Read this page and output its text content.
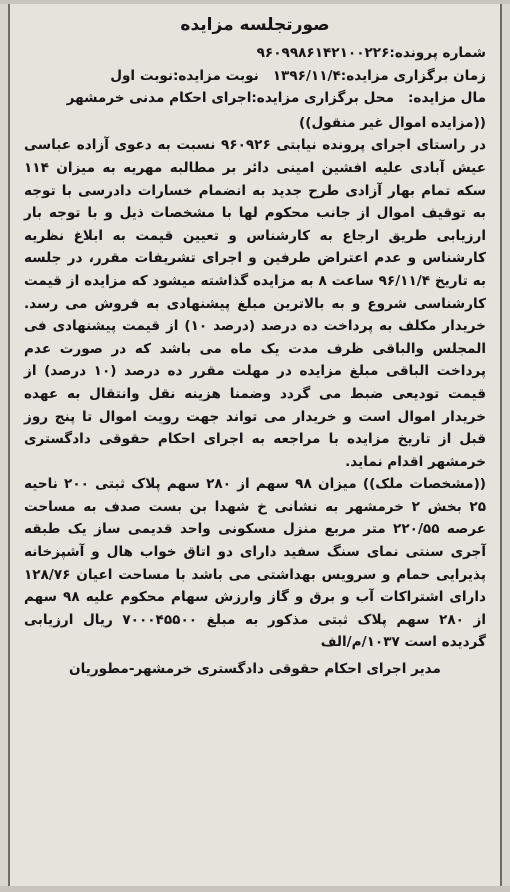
صورتجلسه مزایده
شماره پرونده:۹۶۰۹۹۸۶۱۴۲۱۰۰۲۲۶
زمان برگزاری مزایده:۱۳۹۶/۱۱/۴نوبت مزایده:نوبت اول

مال مزایده:محل برگزاری مزایده:اجرای احکام مدنی خرمشهر

((مزایده اموال غیر منقول))

در راستای اجرای پرونده نیابتی ۹۶۰۹۲۶ نسبت به دعوی آزاده عباسی عیش آبادی علیه افشین امینی دائر بر مطالبه مهریه به میزان ۱۱۴ سکه تمام بهار آزادی طرح جدید به انضمام خسارات دادرسی با توجه به توقیف اموال از جانب محکوم لها با مشخصات ذیل و با توجه بار ارزیابی طریق ارجاع به کارشناس و تعیین قیمت به ابلاغ نظریه کارشناس و عدم اعتراض طرفین و اجرای تشریفات مقرر، در جلسه به تاریخ ۹۶/۱۱/۴ ساعت ۸ به مزایده گذاشته میشود که مزایده از قیمت کارشناسی شروع و به بالاترین مبلغ پیشنهادی به فروش می رسد. خریدار مکلف به پرداخت ده درصد (درصد ۱۰) از قیمت پیشنهادی فی المجلس والباقی ظرف مدت یک ماه می باشد که در صورت عدم پرداخت الباقی مبلغ مزایده در مهلت مقرر ده درصد (۱۰ درصد) از قیمت تودیعی ضبط می گردد وضمنا هزینه نقل وانتقال به عهده خریدار اموال است و خریدار می تواند جهت رویت اموال تا پنج روز قبل از تاریخ مزایده با مراجعه به اجرای احکام حقوقی دادگستری خرمشهر اقدام نماید.

((مشخصات ملک)) میزان ۹۸ سهم از ۲۸۰ سهم پلاک ثبتی ۲۰۰ ناحیه ۲۵ بخش ۲ خرمشهر به نشانی خ شهدا بن بست صدف به مساحت عرصه ۲۲۰/۵۵ متر مربع منزل مسکونی واحد قدیمی ساز یک طبقه آجری سنتی نمای سنگ سفید دارای دو اتاق خواب هال و آشپزخانه پذیرایی حمام و سرویس بهداشتی می باشد با مساحت اعیان ۱۲۸/۷۶ دارای اشتراکات آب و برق و گاز وارزش سهام محکوم علیه ۹۸ سهم از ۲۸۰ سهم پلاک ثبتی مذکور به مبلغ ۷۰۰۰۴۵۵۰۰ ریال ارزیابی گردیده است ۱۰۳۷/م/الف

مدیر اجرای احکام حقوقی دادگستری خرمشهر-مطوریان
